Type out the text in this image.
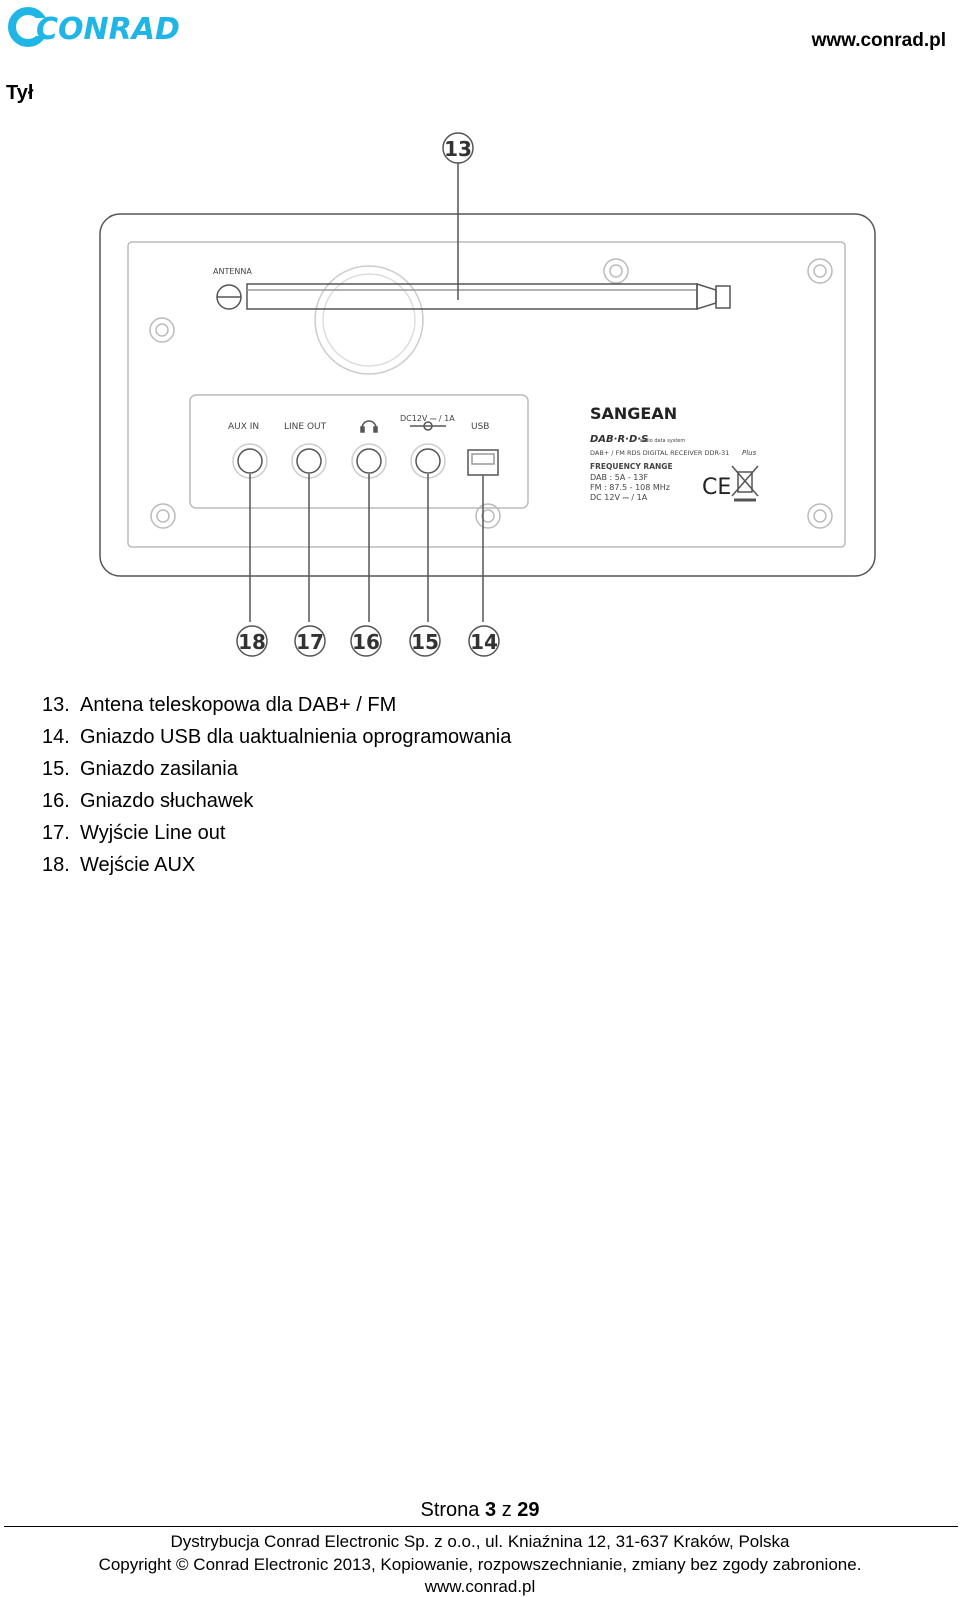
CONRAD	www.conrad.pl
Tył
ANTENNA
AUX IN	LINE OUT
DC12V ⎓ / 1A
USB
SANGEAN
DAB·R·D·S
radio data system
DAB+ / FM RDS DIGITAL RECEIVER DDR-31 Plus
FREQUENCY RANGE
DAB : 5A - 13F
FM : 87.5 - 108 MHz
DC 12V ⎓ / 1A CE
13
14
15
16
17
18
13. Antena teleskopowa dla DAB+ / FM
14. Gniazdo USB dla uaktualnienia oprogramowania
15. Gniazdo zasilania
16. Gniazdo słuchawek
17. Wyjście Line out
18. Wejście AUX
Strona 3 z 29
Dystrybucja Conrad Electronic Sp. z o.o., ul. Kniaźnina 12, 31-637 Kraków, Polska
Copyright © Conrad Electronic 2013, Kopiowanie, rozpowszechnianie, zmiany bez zgody zabronione.
www.conrad.pl
